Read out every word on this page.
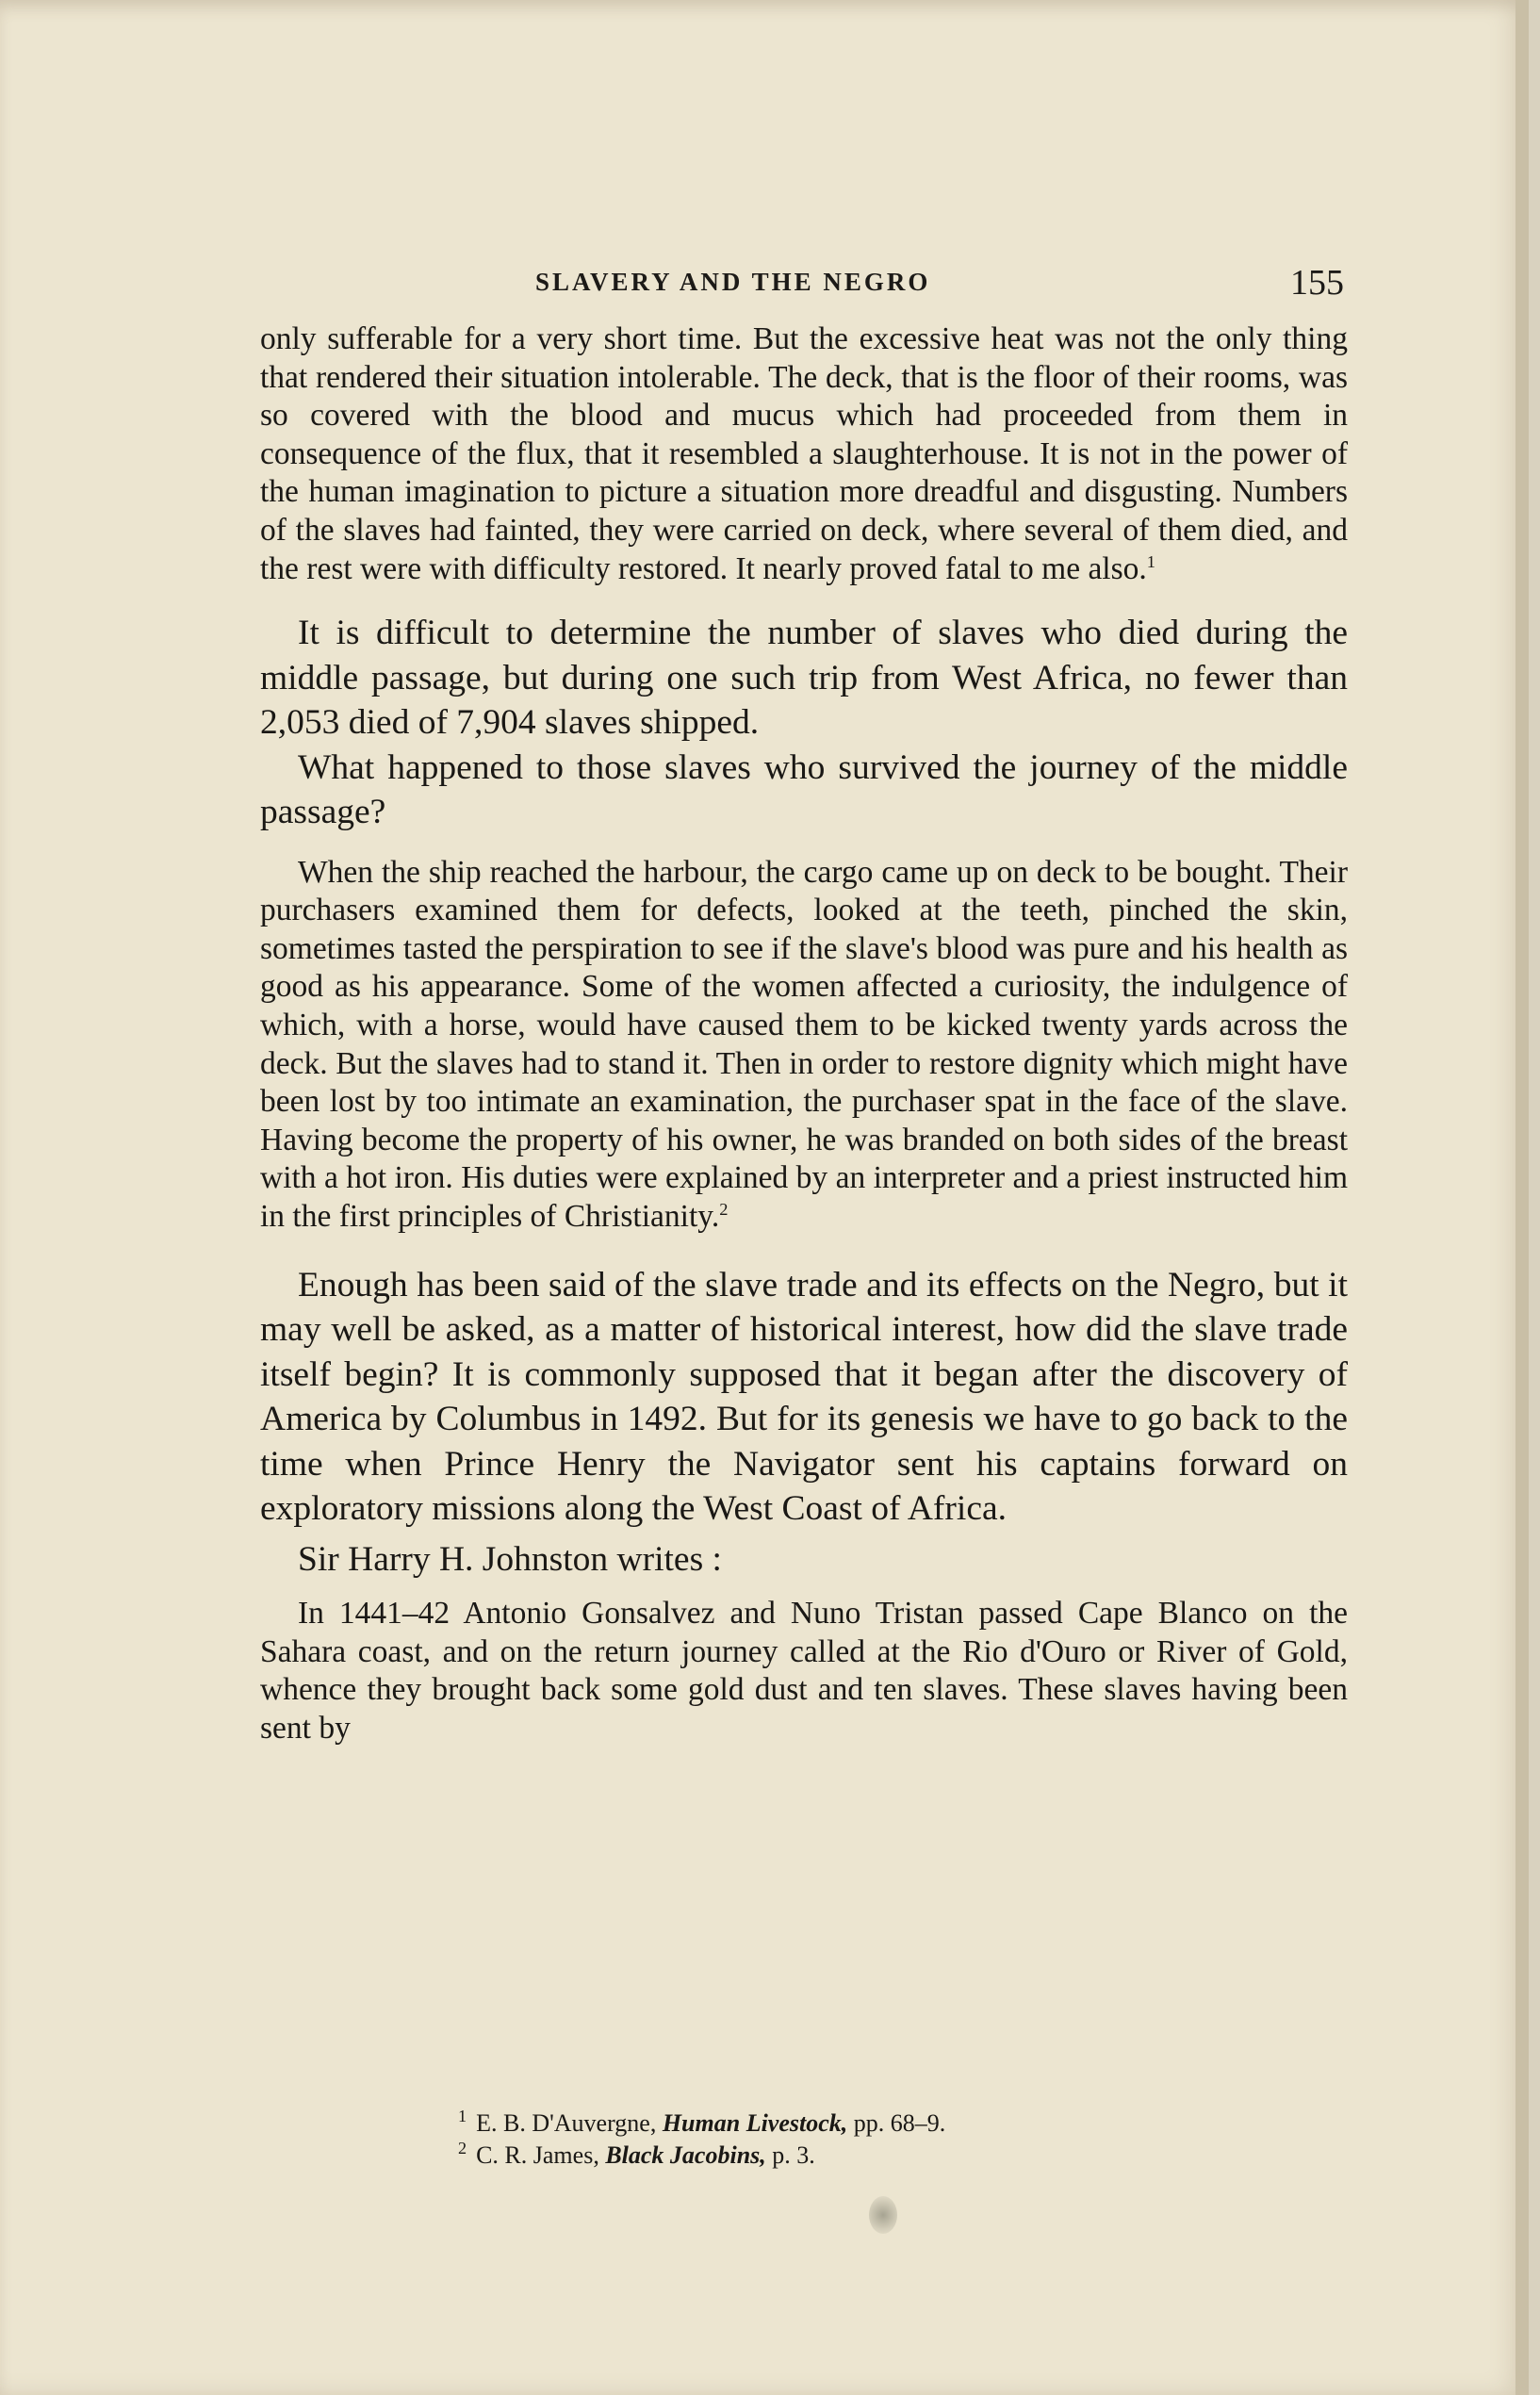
SLAVERY AND THE NEGRO	155

only sufferable for a very short time. But the excessive heat was not the only thing that rendered their situation intolerable. The deck, that is the floor of their rooms, was so covered with the blood and mucus which had proceeded from them in consequence of the flux, that it resembled a slaughterhouse. It is not in the power of the human imagination to picture a situation more dreadful and disgusting. Numbers of the slaves had fainted, they were carried on deck, where several of them died, and the rest were with difficulty restored. It nearly proved fatal to me also.$^1$

It is difficult to determine the number of slaves who died during the middle passage, but during one such trip from West Africa, no fewer than 2,053 died of 7,904 slaves shipped.

What happened to those slaves who survived the journey of the middle passage?

When the ship reached the harbour, the cargo came up on deck to be bought. Their purchasers examined them for defects, looked at the teeth, pinched the skin, sometimes tasted the perspiration to see if the slave's blood was pure and his health as good as his appearance. Some of the women affected a curiosity, the indulgence of which, with a horse, would have caused them to be kicked twenty yards across the deck. But the slaves had to stand it. Then in order to restore dignity which might have been lost by too intimate an examination, the purchaser spat in the face of the slave. Having become the property of his owner, he was branded on both sides of the breast with a hot iron. His duties were explained by an interpreter and a priest instructed him in the first principles of Christianity.$^2$

Enough has been said of the slave trade and its effects on the Negro, but it may well be asked, as a matter of historical interest, how did the slave trade itself begin? It is commonly supposed that it began after the discovery of America by Columbus in 1492. But for its genesis we have to go back to the time when Prince Henry the Navigator sent his captains forward on exploratory missions along the West Coast of Africa.

Sir Harry H. Johnston writes :

In 1441–42 Antonio Gonsalvez and Nuno Tristan passed Cape Blanco on the Sahara coast, and on the return journey called at the Rio d'Ouro or River of Gold, whence they brought back some gold dust and ten slaves. These slaves having been sent by

$^1$ E. B. D'Auvergne, Human Livestock, pp. 68–9.
$^2$ C. R. James, Black Jacobins, p. 3.
